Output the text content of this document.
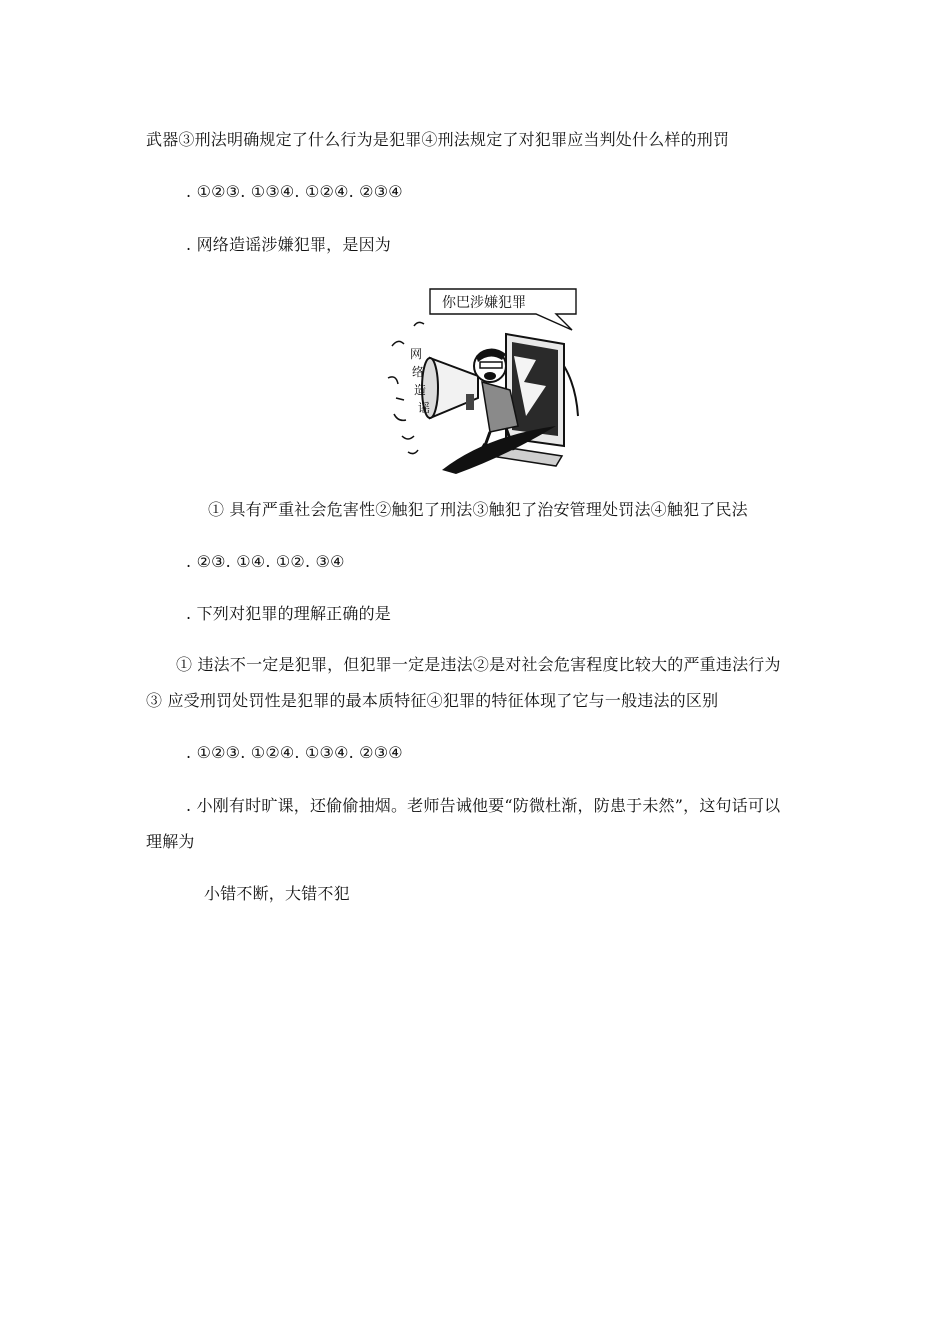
武器③刑法明确规定了什么行为是犯罪④刑法规定了对犯罪应当判处什么样的刑罚
. ①②③. ①③④. ①②④. ②③④
. 网络造谣涉嫌犯罪，是因为
你巴涉嫌犯罪
网
络
造
谣
① 具有严重社会危害性②触犯了刑法③触犯了治安管理处罚法④触犯了民法
. ②③. ①④. ①②. ③④
. 下列对犯罪的理解正确的是
① 违法不一定是犯罪，但犯罪一定是违法②是对社会危害程度比较大的严重违法行为
③ 应受刑罚处罚性是犯罪的最本质特征④犯罪的特征体现了它与一般违法的区别
. ①②③. ①②④. ①③④. ②③④
. 小刚有时旷课，还偷偷抽烟。老师告诫他要“防微杜渐，防患于未然”，这句话可以
理解为
小错不断，大错不犯
